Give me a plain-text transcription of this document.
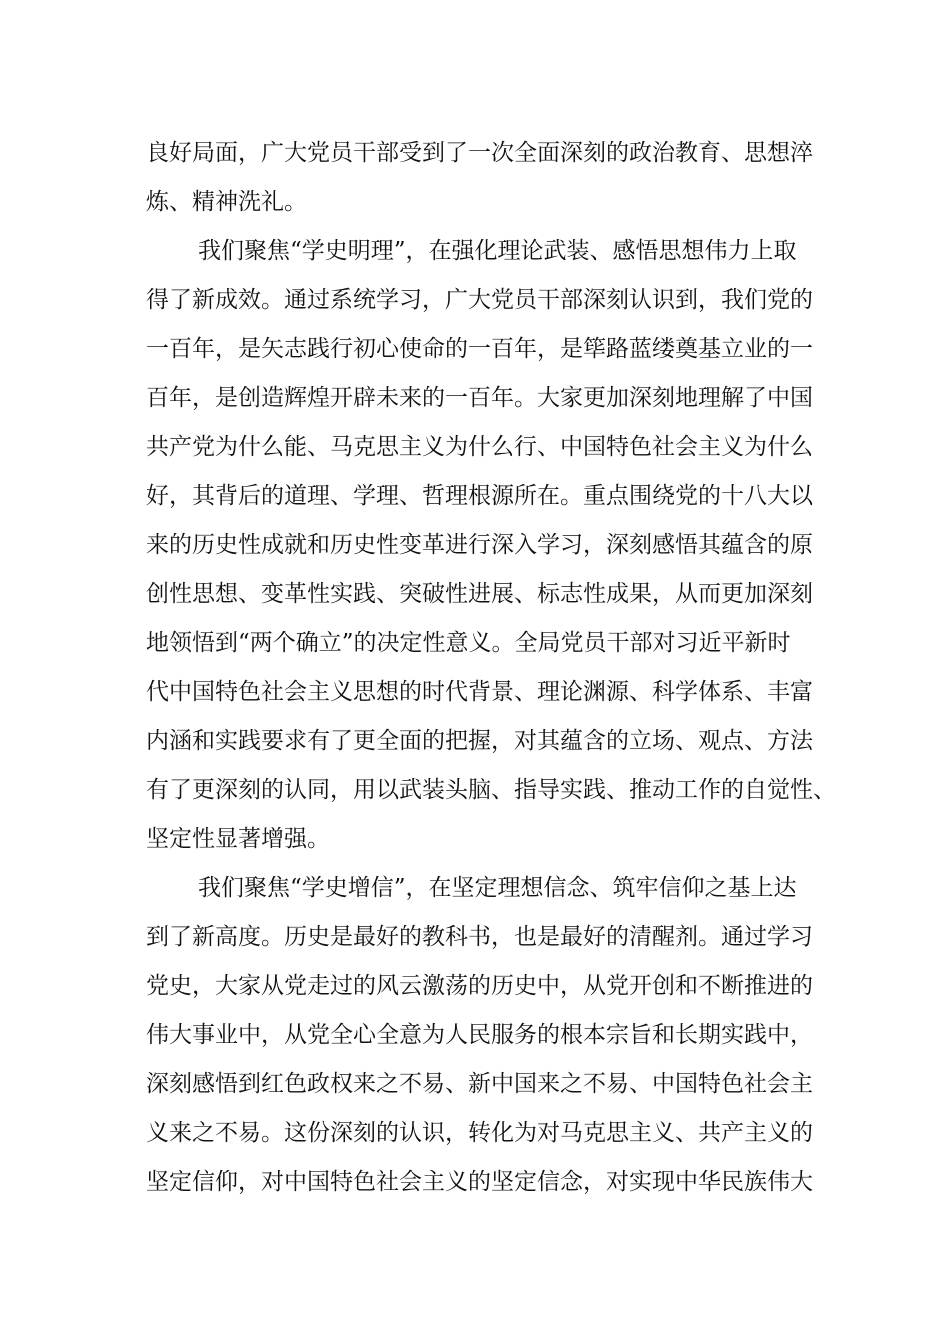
良好局面，广大党员干部受到了一次全面深刻的政治教育、思想淬
炼、精神洗礼。
我们聚焦“学史明理”，在强化理论武装、感悟思想伟力上取
得了新成效。通过系统学习，广大党员干部深刻认识到，我们党的
一百年，是矢志践行初心使命的一百年，是筚路蓝缕奠基立业的一
百年，是创造辉煌开辟未来的一百年。大家更加深刻地理解了中国
共产党为什么能、马克思主义为什么行、中国特色社会主义为什么
好，其背后的道理、学理、哲理根源所在。重点围绕党的十八大以
来的历史性成就和历史性变革进行深入学习，深刻感悟其蕴含的原
创性思想、变革性实践、突破性进展、标志性成果，从而更加深刻
地领悟到“两个确立”的决定性意义。全局党员干部对习近平新时
代中国特色社会主义思想的时代背景、理论渊源、科学体系、丰富
内涵和实践要求有了更全面的把握，对其蕴含的立场、观点、方法
有了更深刻的认同，用以武装头脑、指导实践、推动工作的自觉性、
坚定性显著增强。
我们聚焦“学史增信”，在坚定理想信念、筑牢信仰之基上达
到了新高度。历史是最好的教科书，也是最好的清醒剂。通过学习
党史，大家从党走过的风云激荡的历史中，从党开创和不断推进的
伟大事业中，从党全心全意为人民服务的根本宗旨和长期实践中，
深刻感悟到红色政权来之不易、新中国来之不易、中国特色社会主
义来之不易。这份深刻的认识，转化为对马克思主义、共产主义的
坚定信仰，对中国特色社会主义的坚定信念，对实现中华民族伟大
